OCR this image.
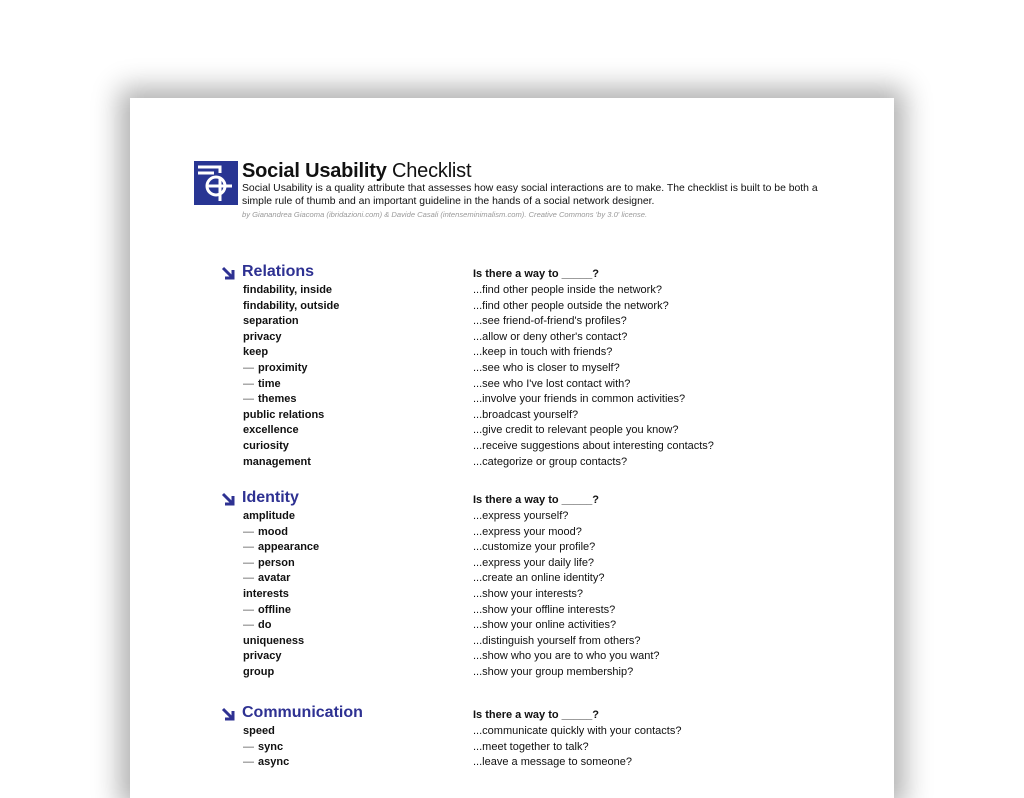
Social Usability Checklist
Social Usability is a quality attribute that assesses how easy social interactions are to make. The checklist is built to be both a simple rule of thumb and an important guideline in the hands of a social network designer.
by Gianandrea Giacoma (ibridazioni.com) & Davide Casali (intenseminimalism.com). Creative Commons 'by 3.0' license.
Relations	Is there a way to _____?
findability, inside	...find other people inside the network?
findability, outside	...find other people outside the network?
separation	...see friend-of-friend's profiles?
privacy	...allow or deny other's contact?
keep	...keep in touch with friends?
— proximity	...see who is closer to myself?
— time	...see who I've lost contact with?
— themes	...involve your friends in common activities?
public relations	...broadcast yourself?
excellence	...give credit to relevant people you know?
curiosity	...receive suggestions about interesting contacts?
management	...categorize or group contacts?
Identity	Is there a way to _____?
amplitude	...express yourself?
— mood	...express your mood?
— appearance	...customize your profile?
— person	...express your daily life?
— avatar	...create an online identity?
interests	...show your interests?
— offline	...show your offline interests?
— do	...show your online activities?
uniqueness	...distinguish yourself from others?
privacy	...show who you are to who you want?
group	...show your group membership?
Communication	Is there a way to _____?
speed	...communicate quickly with your contacts?
— sync	...meet together to talk?
— async	...leave a message to someone?
